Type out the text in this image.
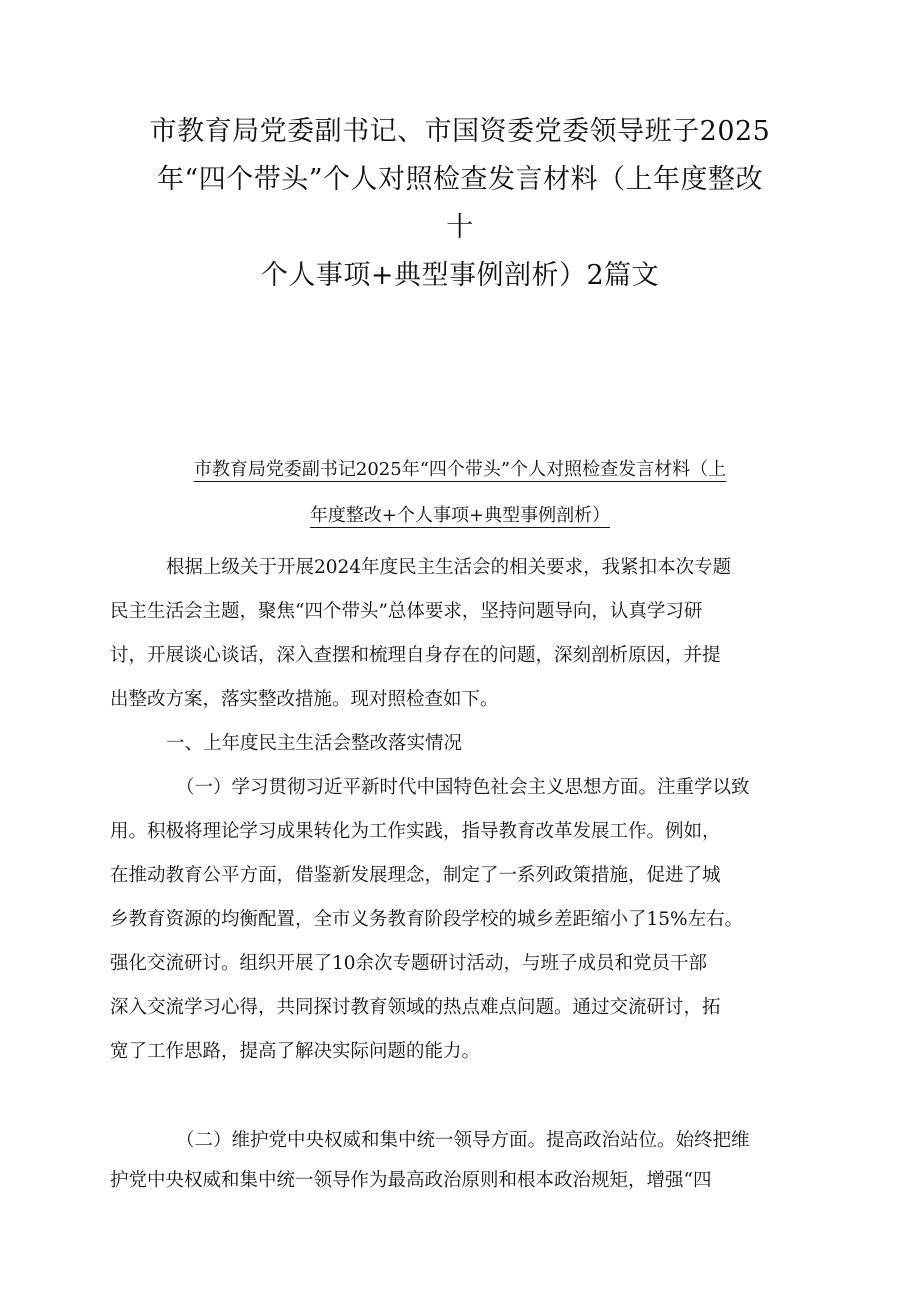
市教育局党委副书记、市国资委党委领导班子2025
年“四个带头”个人对照检查发言材料（上年度整改
十
个人事项+典型事例剖析）2篇文
市教育局党委副书记2025年“四个带头”个人对照检查发言材料（上
年度整改+个人事项+典型事例剖析）

根据上级关于开展2024年度民主生活会的相关要求，我紧扣本次专题
民主生活会主题，聚焦“四个带头”总体要求，坚持问题导向，认真学习研
讨，开展谈心谈话，深入查摆和梳理自身存在的问题，深刻剖析原因，并提
出整改方案，落实整改措施。现对照检查如下。

一、上年度民主生活会整改落实情况

（一）学习贯彻习近平新时代中国特色社会主义思想方面。注重学以致
用。积极将理论学习成果转化为工作实践，指导教育改革发展工作。例如，
在推动教育公平方面，借鉴新发展理念，制定了一系列政策措施，促进了城
乡教育资源的均衡配置，全市义务教育阶段学校的城乡差距缩小了15%左右。
强化交流研讨。组织开展了10余次专题研讨活动，与班子成员和党员干部
深入交流学习心得，共同探讨教育领域的热点难点问题。通过交流研讨，拓
宽了工作思路，提高了解决实际问题的能力。

（二）维护党中央权威和集中统一领导方面。提高政治站位。始终把维
护党中央权威和集中统一领导作为最高政治原则和根本政治规矩，增强“四
